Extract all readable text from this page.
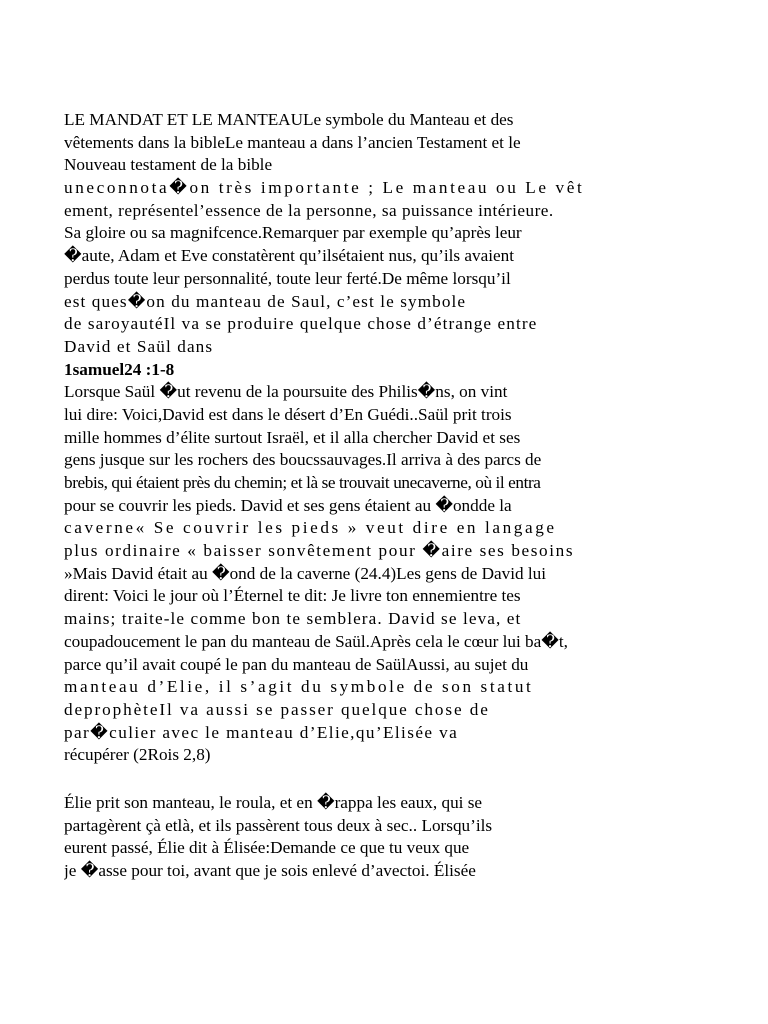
LE MANDAT ET LE MANTEAULe symbole du Manteau et des
vêtements dans la bibleLe manteau a dans l’ancien Testament et le
Nouveau testament de la bible
uneconnota�on très importante ; Le manteau ou Le vêt
ement, représentel’essence de la personne, sa puissance intérieure.
Sa gloire ou sa magnifcence.Remarquer par exemple qu’après leur
�aute, Adam et Eve constatèrent qu’ilsétaient nus, qu’ils avaient
perdus toute leur personnalité, toute leur ferté.De même lorsqu’il
est ques�on du manteau de Saul, c’est le symbole
de saroyautéIl va se produire quelque chose d’étrange entre
David et Saül dans
1samuel24 :1-8
Lorsque Saül �ut revenu de la poursuite des Philis�ns, on vint
lui dire: Voici,David est dans le désert d’En Guédi..Saül prit trois
mille hommes d’élite surtout Israël, et il alla chercher David et ses
gens jusque sur les rochers des boucssauvages.Il arriva à des parcs de
brebis, qui étaient près du chemin; et là se trouvait unecaverne, où il entra
pour se couvrir les pieds. David et ses gens étaient au �ondde la
caverne« Se couvrir les pieds » veut dire en langage
plus ordinaire « baisser sonvêtement pour �aire ses besoins
»Mais David était au �ond de la caverne (24.4)Les gens de David lui
dirent: Voici le jour où l’Éternel te dit: Je livre ton ennemientre tes
mains; traite-le comme bon te semblera. David se leva, et
coupadoucement le pan du manteau de Saül.Après cela le cœur lui ba�t,
parce qu’il avait coupé le pan du manteau de SaülAussi, au sujet du
manteau d’Elie, il s’agit du symbole de son statut
deprophèteIl va aussi se passer quelque chose de
par�culier avec le manteau d’Elie,qu’Elisée va
récupérer (2Rois 2,8)
Élie prit son manteau, le roula, et en �rappa les eaux, qui se
partagèrent çà etlà, et ils passèrent tous deux à sec.. Lorsqu’ils
eurent passé, Élie dit à Élisée:Demande ce que tu veux que
je �asse pour toi, avant que je sois enlevé d’avectoi. Élisée
